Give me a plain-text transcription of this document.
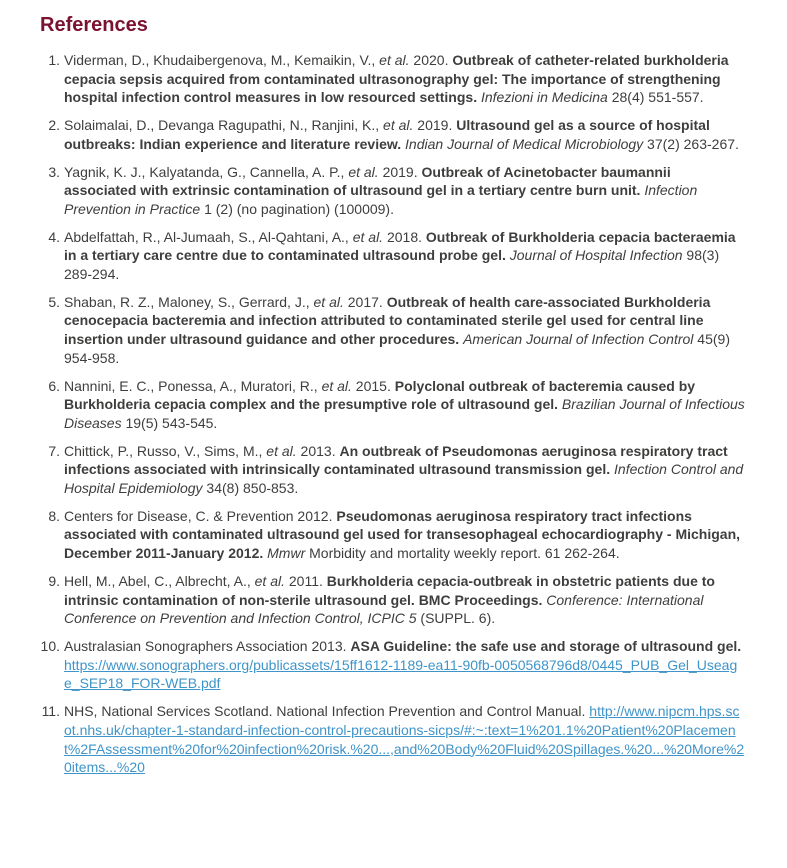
References
1. Viderman, D., Khudaibergenova, M., Kemaikin, V., et al. 2020. Outbreak of catheter-related burkholderia cepacia sepsis acquired from contaminated ultrasonography gel: The importance of strengthening hospital infection control measures in low resourced settings. Infezioni in Medicina 28(4) 551-557.
2. Solaimalai, D., Devanga Ragupathi, N., Ranjini, K., et al. 2019. Ultrasound gel as a source of hospital outbreaks: Indian experience and literature review. Indian Journal of Medical Microbiology 37(2) 263-267.
3. Yagnik, K. J., Kalyatanda, G., Cannella, A. P., et al. 2019. Outbreak of Acinetobacter baumannii associated with extrinsic contamination of ultrasound gel in a tertiary centre burn unit. Infection Prevention in Practice 1 (2) (no pagination) (100009).
4. Abdelfattah, R., Al-Jumaah, S., Al-Qahtani, A., et al. 2018. Outbreak of Burkholderia cepacia bacteraemia in a tertiary care centre due to contaminated ultrasound probe gel. Journal of Hospital Infection 98(3) 289-294.
5. Shaban, R. Z., Maloney, S., Gerrard, J., et al. 2017. Outbreak of health care-associated Burkholderia cenocepacia bacteremia and infection attributed to contaminated sterile gel used for central line insertion under ultrasound guidance and other procedures. American Journal of Infection Control 45(9) 954-958.
6. Nannini, E. C., Ponessa, A., Muratori, R., et al. 2015. Polyclonal outbreak of bacteremia caused by Burkholderia cepacia complex and the presumptive role of ultrasound gel. Brazilian Journal of Infectious Diseases 19(5) 543-545.
7. Chittick, P., Russo, V., Sims, M., et al. 2013. An outbreak of Pseudomonas aeruginosa respiratory tract infections associated with intrinsically contaminated ultrasound transmission gel. Infection Control and Hospital Epidemiology 34(8) 850-853.
8. Centers for Disease, C. & Prevention 2012. Pseudomonas aeruginosa respiratory tract infections associated with contaminated ultrasound gel used for transesophageal echocardiography - Michigan, December 2011-January 2012. Mmwr Morbidity and mortality weekly report. 61 262-264.
9. Hell, M., Abel, C., Albrecht, A., et al. 2011. Burkholderia cepacia-outbreak in obstetric patients due to intrinsic contamination of non-sterile ultrasound gel. BMC Proceedings. Conference: International Conference on Prevention and Infection Control, ICPIC 5 (SUPPL. 6).
10. Australasian Sonographers Association 2013. ASA Guideline: the safe use and storage of ultrasound gel. https://www.sonographers.org/publicassets/15ff1612-1189-ea11-90fb-0050568796d8/0445_PUB_Gel_Useage_SEP18_FOR-WEB.pdf
11. NHS, National Services Scotland. National Infection Prevention and Control Manual. http://www.nipcm.hps.scot.nhs.uk/chapter-1-standard-infection-control-precautions-sicps/#:~:text=1%201.1%20Patient%20Placement%2FAssessment%20for%20infection%20risk.%20...,and%20Body%20Fluid%20Spillages.%20...%20More%20items...%20
